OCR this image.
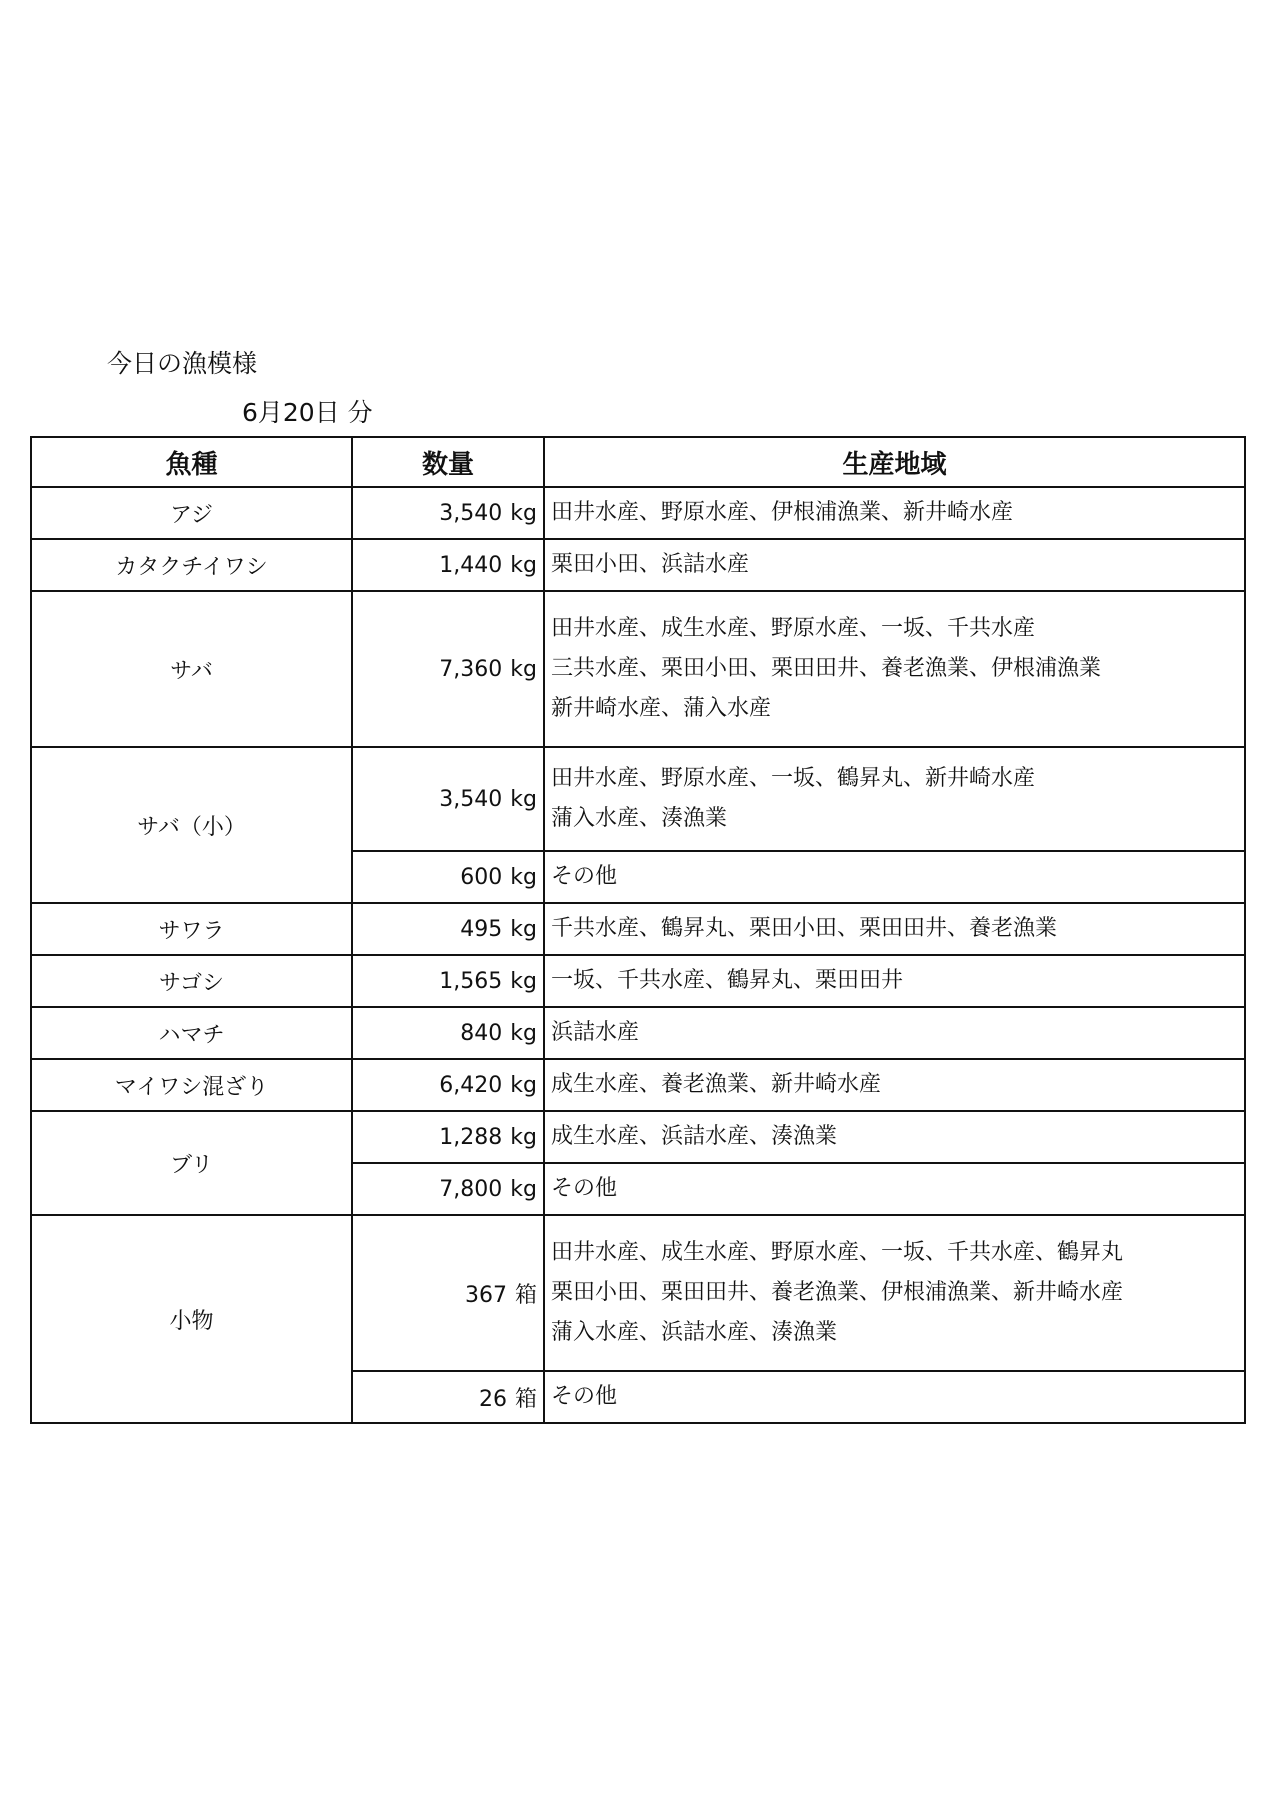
今日の漁模様
6月20日 分
魚種	数量	生産地域
アジ	3,540 kg	田井水産、野原水産、伊根浦漁業、新井崎水産

カタクチイワシ	1,440 kg	栗田小田、浜詰水産

サバ	7,360 kg	田井水産、成生水産、野原水産、一坂、千共水産
三共水産、栗田小田、栗田田井、養老漁業、伊根浦漁業
新井崎水産、蒲入水産

サバ（小）	3,540 kg	田井水産、野原水産、一坂、鶴昇丸、新井崎水産
蒲入水産、湊漁業

	600 kg	その他

サワラ	495 kg	千共水産、鶴昇丸、栗田小田、栗田田井、養老漁業

サゴシ	1,565 kg	一坂、千共水産、鶴昇丸、栗田田井

ハマチ	840 kg	浜詰水産

マイワシ混ざり	6,420 kg	成生水産、養老漁業、新井崎水産

ブリ	1,288 kg	成生水産、浜詰水産、湊漁業

	7,800 kg	その他

小物	367 箱	田井水産、成生水産、野原水産、一坂、千共水産、鶴昇丸
栗田小田、栗田田井、養老漁業、伊根浦漁業、新井崎水産
蒲入水産、浜詰水産、湊漁業

	26 箱	その他
